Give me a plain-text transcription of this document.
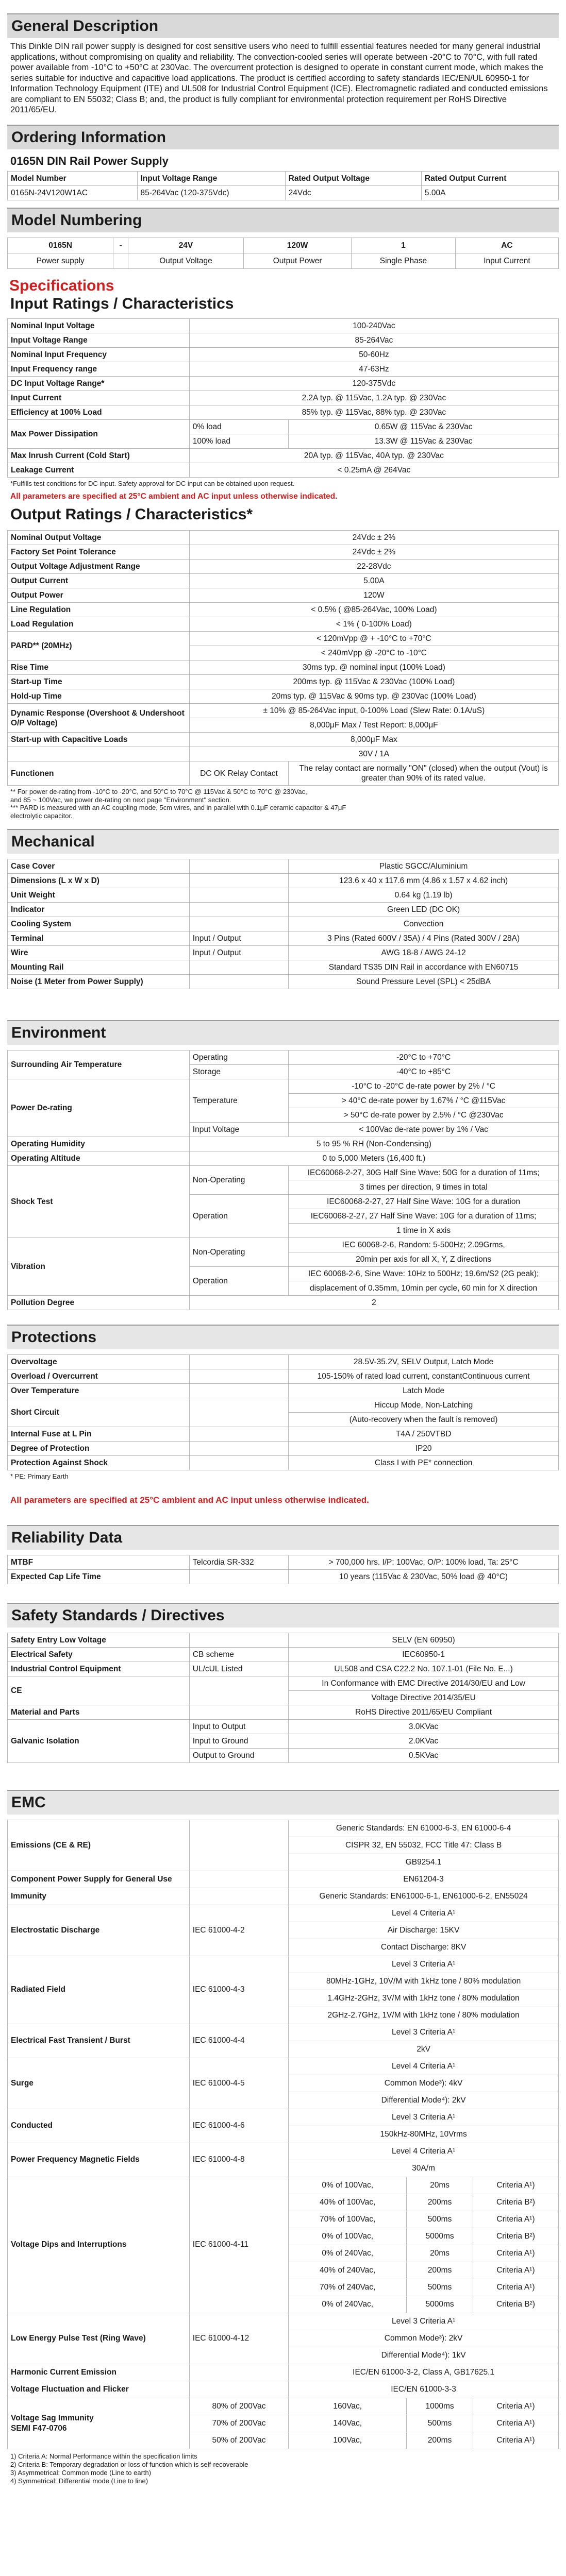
General Description
This Dinkle DIN rail power supply is designed for cost sensitive users who need to fulfill essential features needed for many general industrial applications, without compromising on quality and reliability. The convection-cooled series will operate between -20°C to 70°C, with full rated power available from -10°C to +50°C at 230Vac. The overcurrent protection is designed to operate in constant current mode, which makes the series suitable for inductive and capacitive load applications. The product is certified according to safety standards IEC/EN/UL 60950-1 for Information Technology Equipment (ITE) and UL508 for Industrial Control Equipment (ICE). Electromagnetic radiated and conducted emissions are compliant to EN 55032; Class B; and, the product is fully compliant for environmental protection requirement per RoHS Directive 2011/65/EU.
Ordering Information
0165N DIN Rail Power Supply
Model Number	Input Voltage Range	Rated Output Voltage	Rated Output Current
0165N-24V120W1AC	85-264Vac (120-375Vdc)	24Vdc	5.00A
Model Numbering
0165N	-	24V	120W	1	AC
Power supply		Output Voltage	Output Power	Single Phase	Input Current
Specifications
Input Ratings / Characteristics
Nominal Input Voltage	100-240Vac	
Input Voltage Range	85-264Vac	
Nominal Input Frequency	50-60Hz	
Input Frequency range	47-63Hz	
DC Input Voltage Range*	120-375Vdc	
Input Current	2.2A typ. @ 115Vac, 1.2A typ. @ 230Vac	
Efficiency at 100% Load	85% typ. @ 115Vac, 88% typ. @ 230Vac	
Max Power Dissipation	0% load	0.65W @ 115Vac & 230Vac
	100% load	13.3W @ 115Vac & 230Vac
Max Inrush Current (Cold Start)	20A typ. @ 115Vac, 40A typ. @ 230Vac	
Leakage Current	< 0.25mA @ 264Vac	
*Fulfills test conditions for DC input. Safety approval for DC input can be obtained upon request.
All parameters are specified at 25°C ambient and AC input unless otherwise indicated.
Output Ratings / Characteristics*
Nominal Output Voltage	24Vdc ± 2%	
Factory Set Point Tolerance	24Vdc ± 2%	
Output Voltage Adjustment Range	22-28Vdc	
Output Current	5.00A	
Output Power	120W	
Line Regulation	< 0.5% ( @85-264Vac, 100% Load)	
Load Regulation	< 1% ( 0-100% Load)	
PARD** (20MHz)	< 120mVpp @ + -10°C to +70°C	
	< 240mVpp @ -20°C to -10°C	
Rise Time	30ms typ. @ nominal input (100% Load)	
Start-up Time	200ms typ. @ 115Vac & 230Vac (100% Load)	
Hold-up Time	20ms typ. @ 115Vac & 90ms typ. @ 230Vac (100% Load)	
Dynamic Response (Overshoot & Undershoot O/P Voltage)	± 10% @ 85-264Vac input, 0-100% Load (Slew Rate: 0.1A/uS)	
	8,000μF Max / Test Report: 8,000μF	
Start-up with Capacitive Loads	8,000μF Max	
	30V / 1A	
Functionen	DC OK Relay Contact	The relay contact are normally "ON" (closed) when the output (Vout) is greater than 90% of its rated value.
** For power de-rating from -10°C to -20°C, and 50°C to 70°C @ 115Vac & 50°C to 70°C @ 230Vac,
and 85 ~ 100Vac, we power de-rating on next page "Environment" section.
*** PARD is measured with an AC coupling mode, 5cm wires, and in parallel with 0.1μF ceramic capacitor & 47μF
electrolytic capacitor.
Mechanical
Case Cover		Plastic SGCC/Aluminium
Dimensions (L x W x D)		123.6 x 40 x 117.6 mm (4.86 x 1.57 x 4.62 inch)
Unit Weight		0.64 kg (1.19 lb)
Indicator		Green LED (DC OK)
Cooling System		Convection
Terminal	Input / Output	3 Pins (Rated 600V / 35A) / 4 Pins (Rated 300V / 28A)
Wire	Input / Output	AWG 18-8 / AWG 24-12
Mounting Rail		Standard TS35 DIN Rail in accordance with EN60715
Noise (1 Meter from Power Supply)		Sound Pressure Level (SPL) < 25dBA
Environment
Surrounding Air Temperature	Operating	-20°C to +70°C
	Storage	-40°C to +85°C
Power De-rating	Temperature	-10°C to -20°C de-rate power by 2% / °C
		> 40°C de-rate power by 1.67% / °C @115Vac
		> 50°C de-rate power by 2.5% / °C @230Vac
	Input Voltage	< 100Vac de-rate power by 1% / Vac
Operating Humidity	5 to 95 % RH (Non-Condensing)	
Operating Altitude	0 to 5,000 Meters (16,400 ft.)	
Shock Test	Non-Operating	IEC60068-2-27, 30G Half Sine Wave: 50G for a duration of 11ms;
		3 times per direction, 9 times in total
	Operation	IEC60068-2-27, 27 Half Sine Wave: 10G for a duration
		IEC60068-2-27, 27 Half Sine Wave: 10G for a duration of 11ms;
		1 time in X axis
Vibration	Non-Operating	IEC 60068-2-6, Random: 5-500Hz; 2.09Grms,
		20min per axis for all X, Y, Z directions
	Operation	IEC 60068-2-6, Sine Wave: 10Hz to 500Hz; 19.6m/S2 (2G peak);
		displacement of 0.35mm, 10min per cycle, 60 min for X direction
Pollution Degree	2	
Protections
Overvoltage		28.5V-35.2V, SELV Output, Latch Mode
Overload / Overcurrent		105-150% of rated load current, constantContinuous current
Over Temperature		Latch Mode
Short Circuit		Hiccup Mode, Non-Latching
		(Auto-recovery when the fault is removed)
Internal Fuse at L Pin		T4A / 250VTBD
Degree of Protection		IP20
Protection Against Shock		Class I with PE* connection
* PE: Primary Earth
All parameters are specified at 25°C ambient and AC input unless otherwise indicated.
Reliability Data
MTBF	Telcordia SR-332	> 700,000 hrs. I/P: 100Vac, O/P: 100% load, Ta: 25°C
Expected Cap Life Time		10 years (115Vac & 230Vac, 50% load @ 40°C)
Safety Standards / Directives
Safety Entry Low Voltage		SELV (EN 60950)
Electrical Safety	CB scheme	IEC60950-1
Industrial Control Equipment	UL/cUL Listed	UL508 and CSA C22.2 No. 107.1-01 (File No. E...)
CE		In Conformance with EMC Directive 2014/30/EU and Low
		Voltage Directive 2014/35/EU
Material and Parts		RoHS Directive 2011/65/EU Compliant
Galvanic Isolation	Input to Output	3.0KVac
	Input to Ground	2.0KVac
	Output to Ground	0.5KVac
EMC
Emissions (CE & RE)		Generic Standards: EN 61000-6-3, EN 61000-6-4		
		CISPR 32, EN 55032, FCC Title 47: Class B		
		GB9254.1		
Component Power Supply for General Use		EN61204-3		
Immunity		Generic Standards: EN61000-6-1, EN61000-6-2, EN55024		
Electrostatic Discharge	IEC 61000-4-2	Level 4 Criteria A¹		
		Air Discharge: 15KV		
		Contact Discharge: 8KV		
Radiated Field	IEC 61000-4-3	Level 3 Criteria A¹		
		80MHz-1GHz, 10V/M with 1kHz tone / 80% modulation		
		1.4GHz-2GHz, 3V/M with 1kHz tone / 80% modulation		
		2GHz-2.7GHz, 1V/M with 1kHz tone / 80% modulation		
Electrical Fast Transient / Burst	IEC 61000-4-4	Level 3 Criteria A¹		
		2kV		
Surge	IEC 61000-4-5	Level 4 Criteria A¹		
		Common Mode³): 4kV		
		Differential Mode⁴): 2kV		
Conducted	IEC 61000-4-6	Level 3 Criteria A¹		
		150kHz-80MHz, 10Vrms		
Power Frequency Magnetic Fields	IEC 61000-4-8	Level 4 Criteria A¹		
		30A/m		
Voltage Dips and Interruptions	IEC 61000-4-11	0% of 100Vac,	20ms	Criteria A¹)
		40% of 100Vac,	200ms	Criteria B²)
		70% of 100Vac,	500ms	Criteria A¹)
		0% of 100Vac,	5000ms	Criteria B²)
		0% of 240Vac,	20ms	Criteria A¹)
		40% of 240Vac,	200ms	Criteria A¹)
		70% of 240Vac,	500ms	Criteria A¹)
		0% of 240Vac,	5000ms	Criteria B²)
Low Energy Pulse Test (Ring Wave)	IEC 61000-4-12	Level 3 Criteria A¹		
		Common Mode³): 2kV		
		Differential Mode⁴): 1kV		
Harmonic Current Emission		IEC/EN 61000-3-2, Class A, GB17625.1		
Voltage Fluctuation and Flicker		IEC/EN 61000-3-3		
Voltage Sag Immunity
SEMI F47-0706	80% of 200Vac	160Vac,	1000ms	Criteria A¹)
	70% of 200Vac	140Vac,	500ms	Criteria A¹)
	50% of 200Vac	100Vac,	200ms	Criteria A¹)
1) Criteria A: Normal Performance within the specification limits
2) Criteria B: Temporary degradation or loss of function which is self-recoverable
3) Asymmetrical: Common mode (Line to earth)
4) Symmetrical: Differential mode (Line to line)
